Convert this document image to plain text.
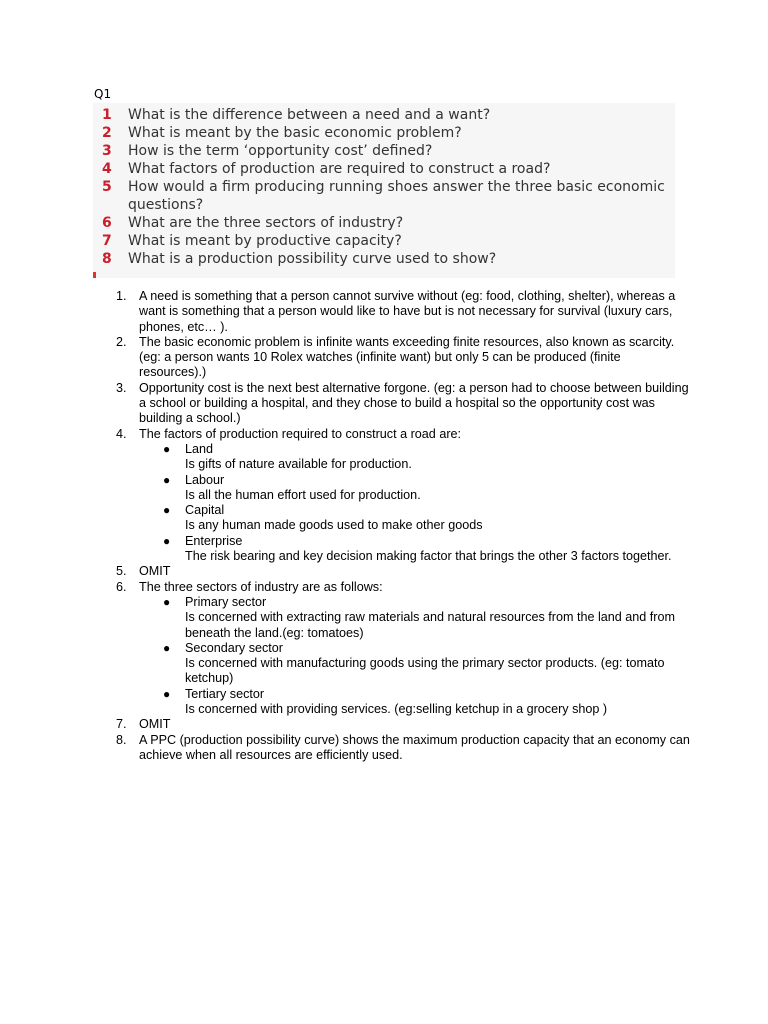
Q1
1	What is the difference between a need and a want?
2	What is meant by the basic economic problem?
3	How is the term ‘opportunity cost’ defined?
4	What factors of production are required to construct a road?
5	How would a firm producing running shoes answer the three basic economic questions?
6	What are the three sectors of industry?
7	What is meant by productive capacity?
8	What is a production possibility curve used to show?
1. A need is something that a person cannot survive without (eg: food, clothing, shelter), whereas a want is something that a person would like to have but is not necessary for survival (luxury cars, phones, etc… ).
2. The basic economic problem is infinite wants exceeding finite resources, also known as scarcity. (eg: a person wants 10 Rolex watches (infinite want) but only 5 can be produced (finite resources).)
3. Opportunity cost is the next best alternative forgone. (eg: a person had to choose between building a school or building a hospital, and they chose to build a hospital so the opportunity cost was building a school.)
4. The factors of production required to construct a road are:
●	Land
Is gifts of nature available for production.
●	Labour
Is all the human effort used for production.
●	Capital
Is any human made goods used to make other goods
●	Enterprise
The risk bearing and key decision making factor that brings the other 3 factors together.
5. OMIT
6. The three sectors of industry are as follows:
●	Primary sector
Is concerned with extracting raw materials and natural resources from the land and from beneath the land.(eg: tomatoes)
●	Secondary sector
Is concerned with manufacturing goods using the primary sector products. (eg: tomato ketchup)
●	Tertiary sector
Is concerned with providing services. (eg:selling ketchup in a grocery shop )
7. OMIT
8. A PPC (production possibility curve) shows the maximum production capacity that an economy can achieve when all resources are efficiently used.
